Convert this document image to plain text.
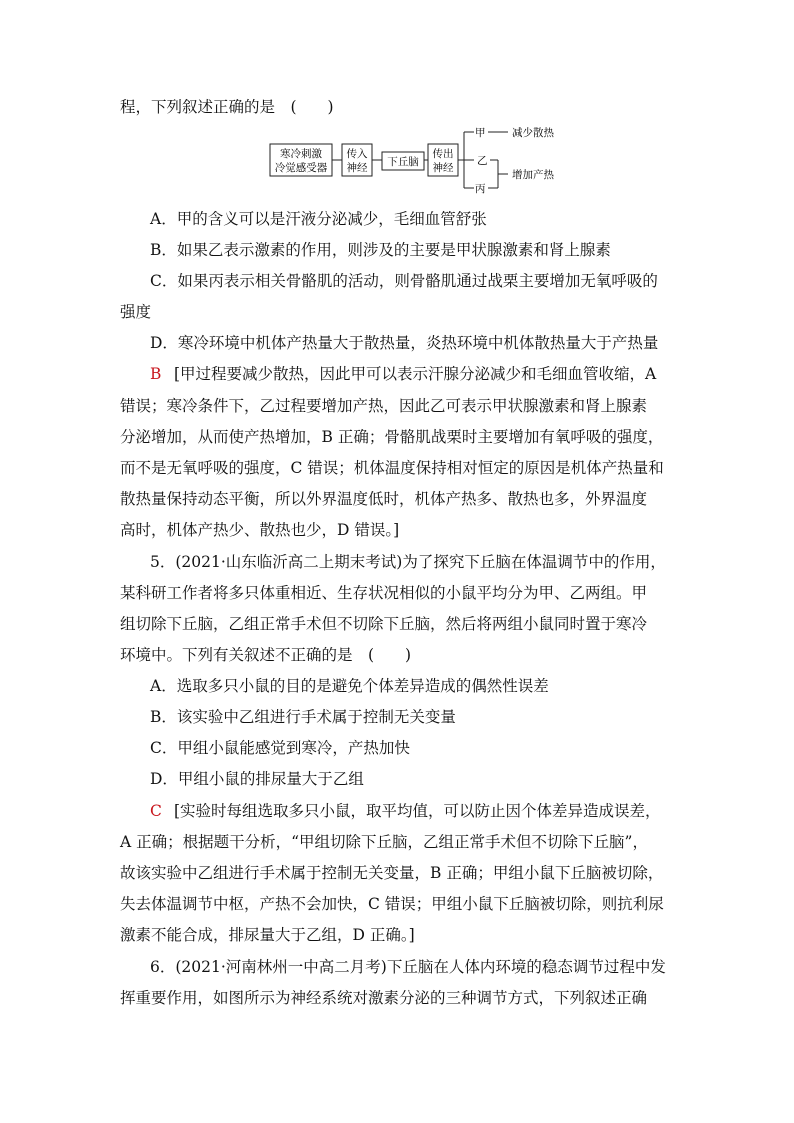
程，下列叙述正确的是　(　　)
寒冷刺激
冷觉感受器
传入
神经 下丘脑
传出
神经
甲
乙
丙
减少散热
增加产热
A．甲的含义可以是汗液分泌减少，毛细血管舒张
B．如果乙表示激素的作用，则涉及的主要是甲状腺激素和肾上腺素
C．如果丙表示相关骨骼肌的活动，则骨骼肌通过战栗主要增加无氧呼吸的
强度
D．寒冷环境中机体产热量大于散热量，炎热环境中机体散热量大于产热量
B [甲过程要减少散热，因此甲可以表示汗腺分泌减少和毛细血管收缩，A
错误；寒冷条件下，乙过程要增加产热，因此乙可表示甲状腺激素和肾上腺素
分泌增加，从而使产热增加，B 正确；骨骼肌战栗时主要增加有氧呼吸的强度，
而不是无氧呼吸的强度，C 错误；机体温度保持相对恒定的原因是机体产热量和
散热量保持动态平衡，所以外界温度低时，机体产热多、散热也多，外界温度
高时，机体产热少、散热也少，D 错误。]
5．(2021·山东临沂高二上期末考试)为了探究下丘脑在体温调节中的作用，
某科研工作者将多只体重相近、生存状况相似的小鼠平均分为甲、乙两组。甲
组切除下丘脑，乙组正常手术但不切除下丘脑，然后将两组小鼠同时置于寒冷
环境中。下列有关叙述不正确的是　(　　)
A．选取多只小鼠的目的是避免个体差异造成的偶然性误差
B．该实验中乙组进行手术属于控制无关变量
C．甲组小鼠能感觉到寒冷，产热加快
D．甲组小鼠的排尿量大于乙组
C [实验时每组选取多只小鼠，取平均值，可以防止因个体差异造成误差，
A 正确；根据题干分析，“甲组切除下丘脑，乙组正常手术但不切除下丘脑”，
故该实验中乙组进行手术属于控制无关变量，B 正确；甲组小鼠下丘脑被切除，
失去体温调节中枢，产热不会加快，C 错误；甲组小鼠下丘脑被切除，则抗利尿
激素不能合成，排尿量大于乙组，D 正确。]
6．(2021·河南林州一中高二月考)下丘脑在人体内环境的稳态调节过程中发
挥重要作用，如图所示为神经系统对激素分泌的三种调节方式，下列叙述正确
